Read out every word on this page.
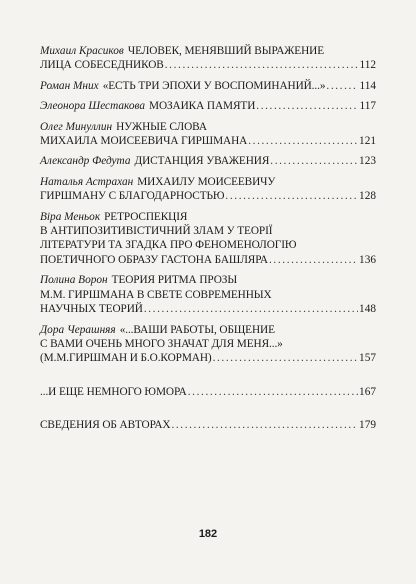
Михаил Красиков ЧЕЛОВЕК, МЕНЯВШИЙ ВЫРАЖЕНИЕ
ЛИЦА СОБЕСЕДНИКОВ .....	112
Роман Мних «ЕСТЬ ТРИ ЭПОХИ У ВОСПОМИНАНИЙ...» .....	114
Элеонора Шестакова МОЗАИКА ПАМЯТИ .....	117
Олег Минуллин НУЖНЫЕ СЛОВА
МИХАИЛА МОИСЕЕВИЧА ГИРШМАНА .....	121
Александр Федута ДИСТАНЦИЯ УВАЖЕНИЯ .....	123
Наталья Астрахан МИХАИЛУ МОИСЕЕВИЧУ
ГИРШМАНУ С БЛАГОДАРНОСТЬЮ .....	128
Віра Меньок РЕТРОСПЕКЦІЯ
В АНТИПОЗИТИВІСТИЧНИЙ ЗЛАМ У ТЕОРІЇ
ЛІТЕРАТУРИ ТА ЗГАДКА ПРО ФЕНОМЕНОЛОГІЮ
ПОЕТИЧНОГО ОБРАЗУ ГАСТОНА БАШЛЯРА .....	136
Полина Ворон ТЕОРИЯ РИТМА ПРОЗЫ
М.М. ГИРШМАНА В СВЕТЕ СОВРЕМЕННЫХ
НАУЧНЫХ ТЕОРИЙ .....	148
Дора Черашняя «...ВАШИ РАБОТЫ, ОБЩЕНИЕ
С ВАМИ ОЧЕНЬ МНОГО ЗНАЧАТ ДЛЯ МЕНЯ...»
(М.М.ГИРШМАН И Б.О.КОРМАН) .....	157
...И ЕЩЕ НЕМНОГО ЮМОРА .....	167
СВЕДЕНИЯ ОБ АВТОРАХ .....	179
182
